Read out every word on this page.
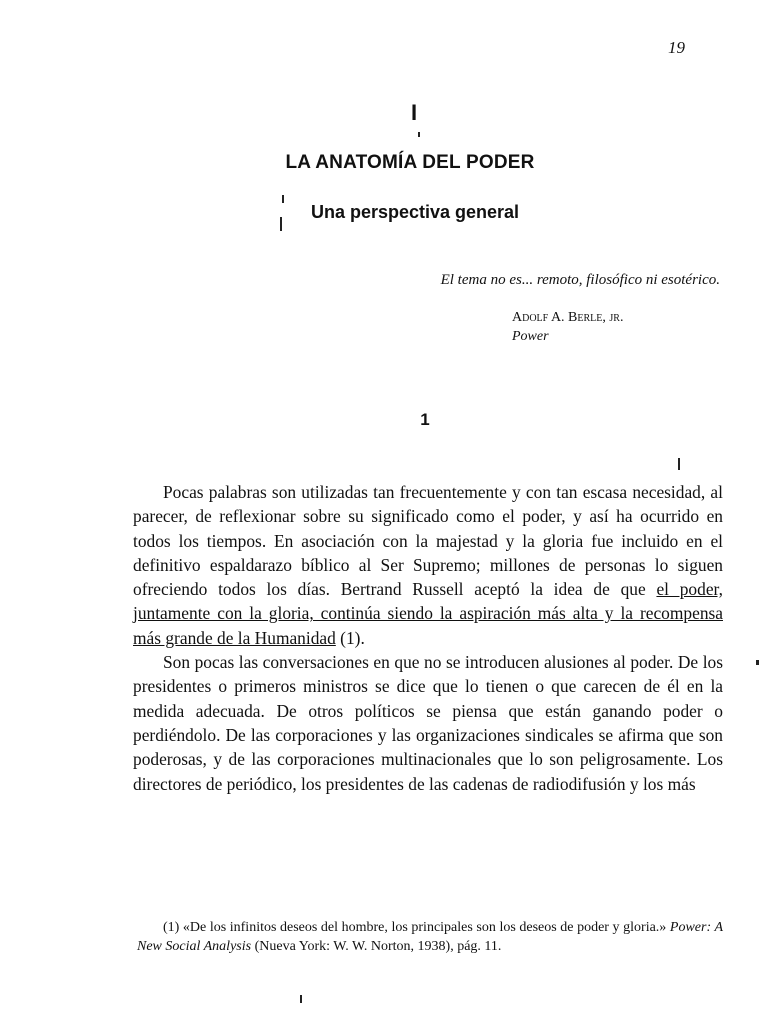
19
I
LA ANATOMÍA DEL PODER
Una perspectiva general
El tema no es... remoto, filosófico ni esotérico.
Adolf A. Berle, jr.
Power
1

Pocas palabras son utilizadas tan frecuentemente y con tan escasa necesidad, al parecer, de reflexionar sobre su significado como el poder, y así ha ocurrido en todos los tiempos. En asociación con la majestad y la gloria fue incluido en el definitivo espaldarazo bíblico al Ser Supremo; millones de personas lo siguen ofreciendo todos los días. Bertrand Russell aceptó la idea de que el poder, juntamente con la gloria, continúa siendo la aspiración más alta y la recompensa más grande de la Humanidad (1).

Son pocas las conversaciones en que no se introducen alusiones al poder. De los presidentes o primeros ministros se dice que lo tienen o que carecen de él en la medida adecuada. De otros políticos se piensa que están ganando poder o perdiéndolo. De las corporaciones y las organizaciones sindicales se afirma que son poderosas, y de las corporaciones multinacionales que lo son peligrosamente. Los directores de periódico, los presidentes de las cadenas de radiodifusión y los más

(1) «De los infinitos deseos del hombre, los principales son los deseos de poder y gloria.» Power: A New Social Analysis (Nueva York: W. W. Norton, 1938), pág. 11.
